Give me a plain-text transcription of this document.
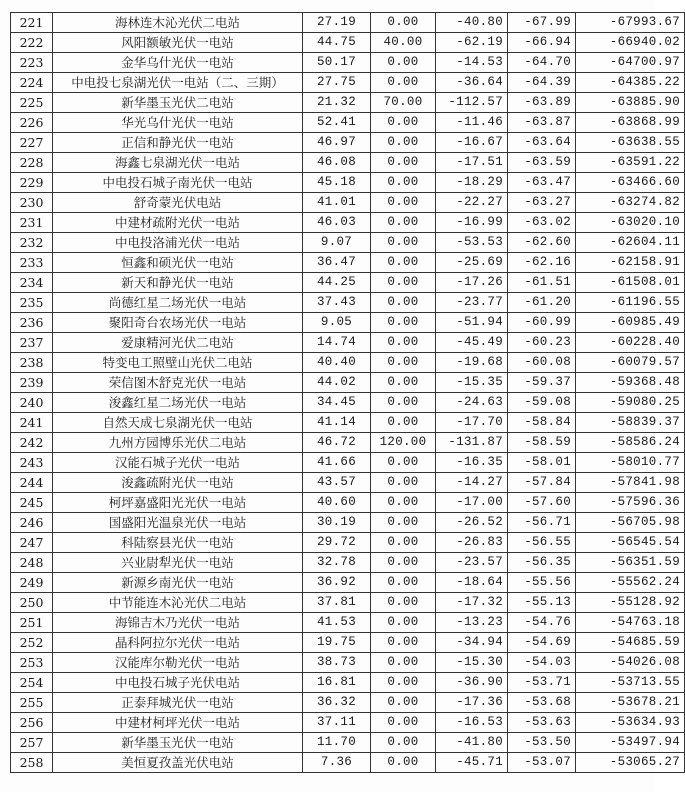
221	海林连木沁光伏二电站	27.19	0.00	-40.80	-67.99	-67993.67
222	风阳额敏光伏一电站	44.75	40.00	-62.19	-66.94	-66940.02
223	金华乌什光伏一电站	50.17	0.00	-14.53	-64.70	-64700.97
224	中电投七泉湖光伏一电站（二、三期）	27.75	0.00	-36.64	-64.39	-64385.22
225	新华墨玉光伏二电站	21.32	70.00	-112.57	-63.89	-63885.90
226	华光乌什光伏一电站	52.41	0.00	-11.46	-63.87	-63868.99
227	正信和静光伏一电站	46.97	0.00	-16.67	-63.64	-63638.55
228	海鑫七泉湖光伏一电站	46.08	0.00	-17.51	-63.59	-63591.22
229	中电投石城子南光伏一电站	45.18	0.00	-18.29	-63.47	-63466.60
230	舒奇蒙光伏电站	41.01	0.00	-22.27	-63.27	-63274.82
231	中建材疏附光伏一电站	46.03	0.00	-16.99	-63.02	-63020.10
232	中电投洛浦光伏一电站	9.07	0.00	-53.53	-62.60	-62604.11
233	恒鑫和硕光伏一电站	36.47	0.00	-25.69	-62.16	-62158.91
234	新天和静光伏一电站	44.25	0.00	-17.26	-61.51	-61508.01
235	尚德红星二场光伏一电站	37.43	0.00	-23.77	-61.20	-61196.55
236	聚阳奇台农场光伏一电站	9.05	0.00	-51.94	-60.99	-60985.49
237	爱康精河光伏二电站	14.74	0.00	-45.49	-60.23	-60228.40
238	特变电工照壁山光伏二电站	40.40	0.00	-19.68	-60.08	-60079.57
239	荣信图木舒克光伏一电站	44.02	0.00	-15.35	-59.37	-59368.48
240	浚鑫红星二场光伏一电站	34.45	0.00	-24.63	-59.08	-59080.25
241	自然天成七泉湖光伏一电站	41.14	0.00	-17.70	-58.84	-58839.37
242	九州方园博乐光伏二电站	46.72	120.00	-131.87	-58.59	-58586.24
243	汉能石城子光伏一电站	41.66	0.00	-16.35	-58.01	-58010.77
244	浚鑫疏附光伏一电站	43.57	0.00	-14.27	-57.84	-57841.98
245	柯坪嘉盛阳光光伏一电站	40.60	0.00	-17.00	-57.60	-57596.36
246	国盛阳光温泉光伏一电站	30.19	0.00	-26.52	-56.71	-56705.98
247	科陆察县光伏一电站	29.72	0.00	-26.83	-56.55	-56545.54
248	兴业尉犁光伏一电站	32.78	0.00	-23.57	-56.35	-56351.59
249	新源乡南光伏一电站	36.92	0.00	-18.64	-55.56	-55562.24
250	中节能连木沁光伏二电站	37.81	0.00	-17.32	-55.13	-55128.92
251	海锦吉木乃光伏一电站	41.53	0.00	-13.23	-54.76	-54763.18
252	晶科阿拉尔光伏一电站	19.75	0.00	-34.94	-54.69	-54685.59
253	汉能库尔勒光伏一电站	38.73	0.00	-15.30	-54.03	-54026.08
254	中电投石城子光伏电站	16.81	0.00	-36.90	-53.71	-53713.55
255	正泰拜城光伏一电站	36.32	0.00	-17.36	-53.68	-53678.21
256	中建材柯坪光伏一电站	37.11	0.00	-16.53	-53.63	-53634.93
257	新华墨玉光伏一电站	11.70	0.00	-41.80	-53.50	-53497.94
258	美恒夏孜盖光伏电站	7.36	0.00	-45.71	-53.07	-53065.27
